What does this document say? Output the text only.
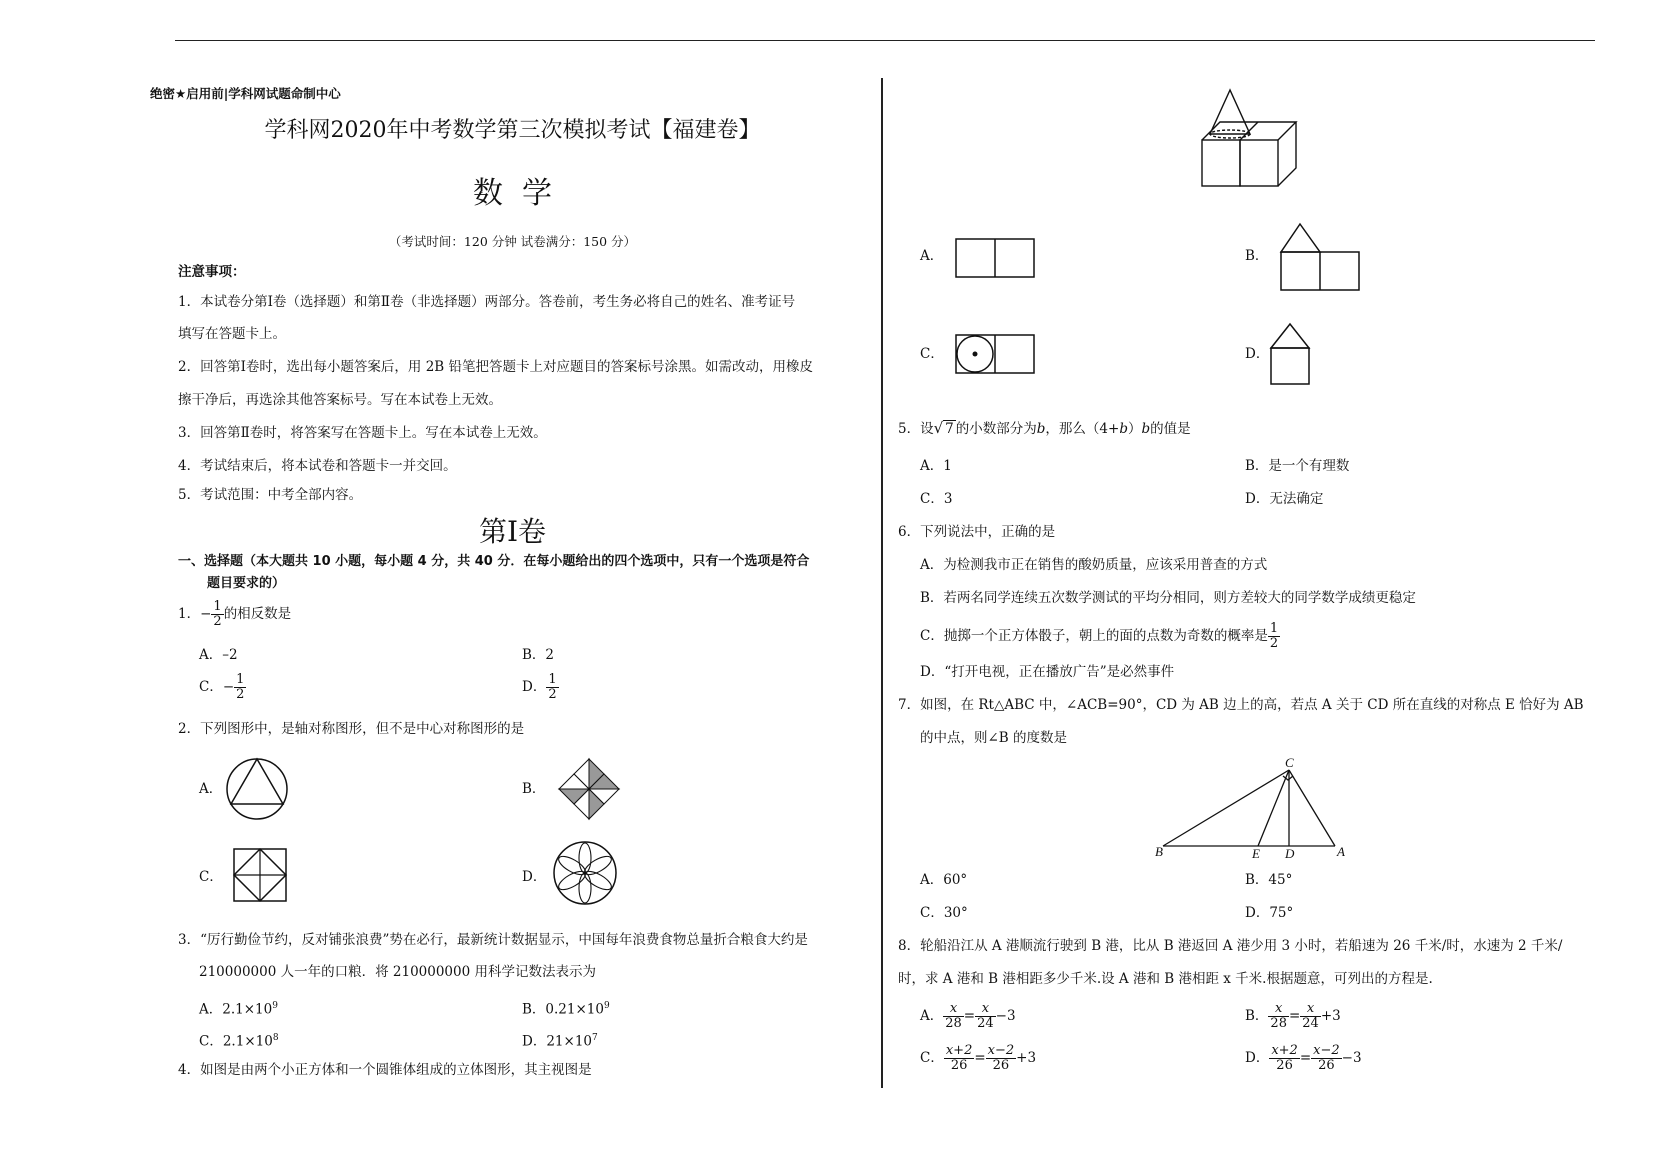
绝密★启用前|学科网试题命制中心
学科网2020年中考数学第三次模拟考试【福建卷】
数  学
（考试时间：120 分钟 试卷满分：150 分）
注意事项：
1．本试卷分第Ⅰ卷（选择题）和第Ⅱ卷（非选择题）两部分。答卷前，考生务必将自己的姓名、准考证号
填写在答题卡上。
2．回答第Ⅰ卷时，选出每小题答案后，用 2B 铅笔把答题卡上对应题目的答案标号涂黑。如需改动，用橡皮
擦干净后，再选涂其他答案标号。写在本试卷上无效。
3．回答第Ⅱ卷时，将答案写在答题卡上。写在本试卷上无效。
4．考试结束后，将本试卷和答题卡一并交回。
5．考试范围：中考全部内容。
第Ⅰ卷
一、选择题（本大题共 10 小题，每小题 4 分，共 40 分．在每小题给出的四个选项中，只有一个选项是符合
题目要求的）
1．− $\frac{1}{2}$ 的相反数是
A．–2	B．2
C．− $\frac{1}{2}$	D． $\frac{1}{2}$
2．下列图形中，是轴对称图形，但不是中心对称图形的是
A．	B．
C．	D．
3．“厉行勤俭节约，反对铺张浪费”势在必行，最新统计数据显示，中国每年浪费食物总量折合粮食大约是
210000000 人一年的口粮．将 210000000 用科学记数法表示为
A．$2.1\times 10^9$	B．$0.21\times 10^9$
C．$2.1\times 10^8$	D．$21\times 10^7$
4．如图是由两个小正方体和一个圆锥体组成的立体图形，其主视图是
A．	B．
C．	D．
5．设√ 7 的小数部分为b，那么（4+b）b的值是
A．1	B．是一个有理数
C．3	D．无法确定
6．下列说法中，正确的是
A．为检测我市正在销售的酸奶质量，应该采用普查的方式
B．若两名同学连续五次数学测试的平均分相同，则方差较大的同学数学成绩更稳定
C．抛掷一个正方体骰子，朝上的面的点数为奇数的概率是 $\frac{1}{2}$
D．“打开电视，正在播放广告”是必然事件
7．如图，在 Rt△ABC 中，∠ACB=90°，CD 为 AB 边上的高，若点 A 关于 CD 所在直线的对称点 E 恰好为 AB
的中点，则∠B 的度数是
C
B	E D	A
A．60°	B．45°
C．30°	D．75°
8．轮船沿江从 A 港顺流行驶到 B 港，比从 B 港返回 A 港少用 3 小时，若船速为 26 千米/时，水速为 2 千米/
时，求 A 港和 B 港相距多少千米.设 A 港和 B 港相距 x 千米.根据题意，可列出的方程是.
A． $\frac{x}{28} = \frac{x}{24} -3$	B． $\frac{x}{28} = \frac{x}{24} +3$
C． $\frac{x+2}{26} = \frac{x-2}{26} +3$	D． $\frac{x+2}{26} = \frac{x-2}{26} -3$
